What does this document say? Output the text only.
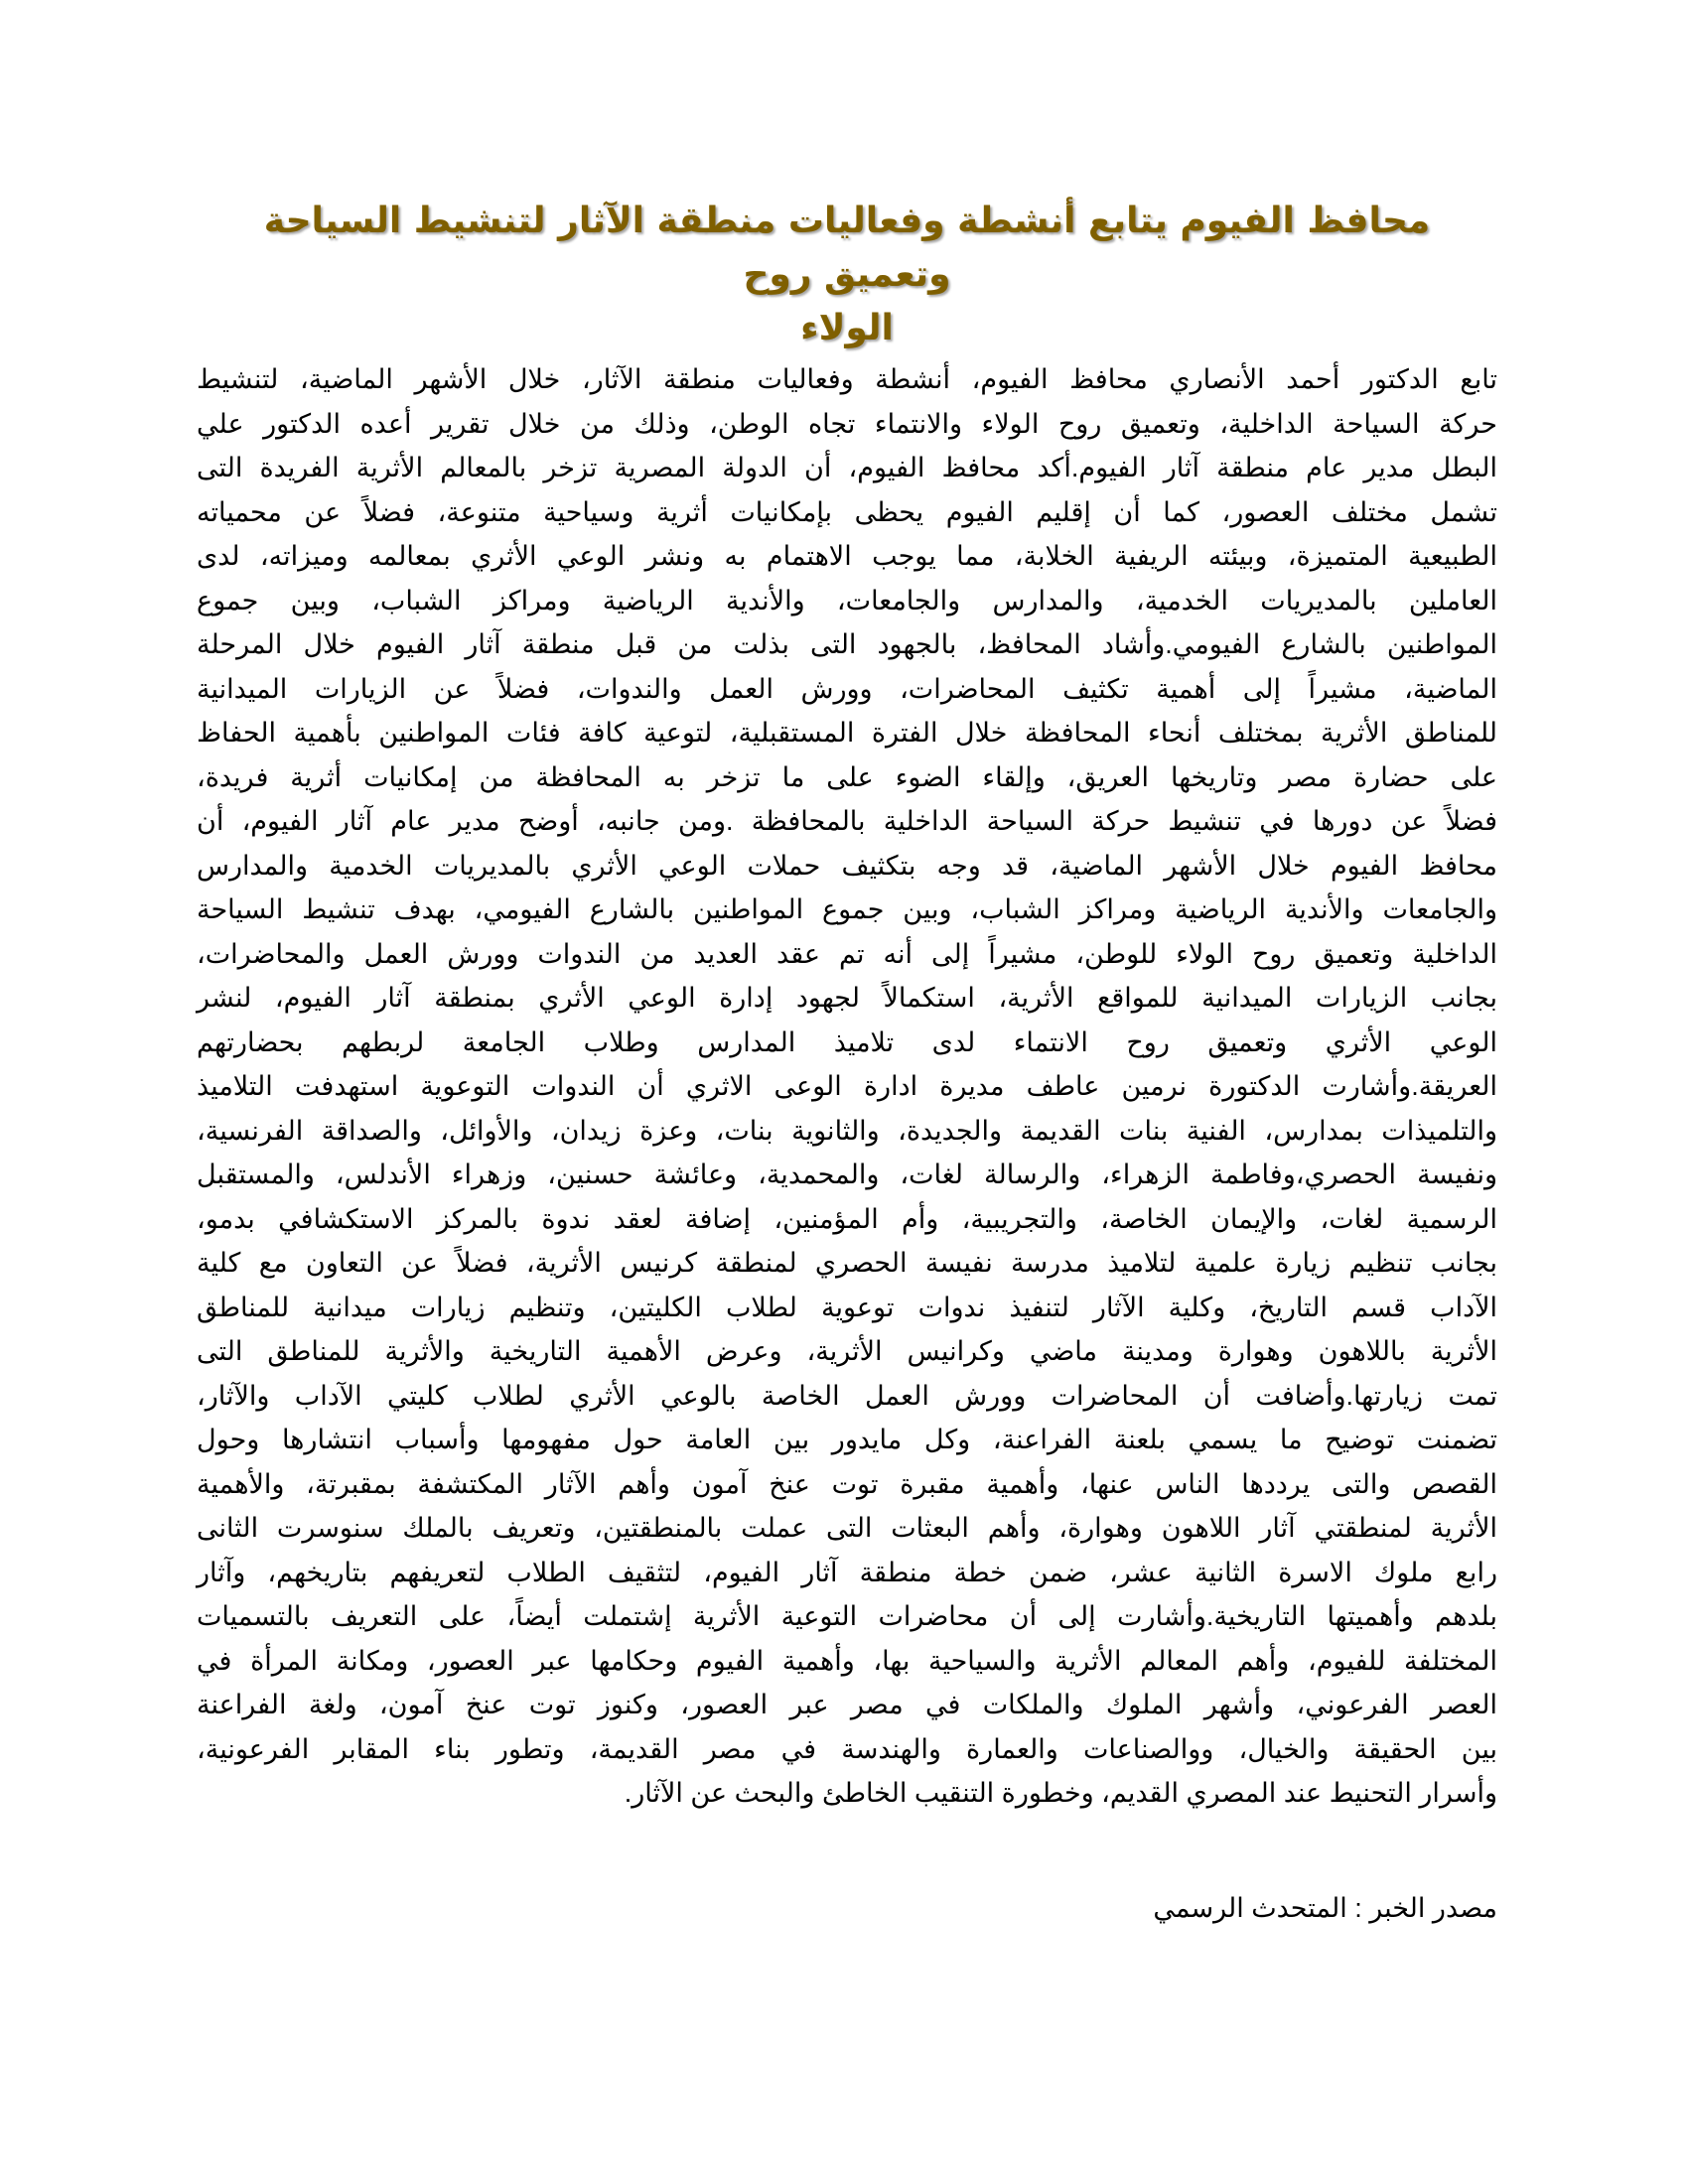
محافظ الفيوم يتابع أنشطة وفعاليات منطقة الآثار لتنشيط السياحة وتعميق روح
الولاء
تابع الدكتور أحمد الأنصاري محافظ الفيوم، أنشطة وفعاليات منطقة الآثار، خلال الأشهر الماضية، لتنشيط
حركة السياحة الداخلية، وتعميق روح الولاء والانتماء تجاه الوطن، وذلك من خلال تقرير أعده الدكتور علي
البطل مدير عام منطقة آثار الفيوم.أكد محافظ الفيوم، أن الدولة المصرية تزخر بالمعالم الأثرية الفريدة التى
تشمل مختلف العصور، كما أن إقليم الفيوم يحظى بإمكانيات أثرية وسياحية متنوعة، فضلاً عن محمياته
الطبيعية المتميزة، وبيئته الريفية الخلابة، مما يوجب الاهتمام به ونشر الوعي الأثري بمعالمه وميزاته، لدى
العاملين بالمديريات الخدمية، والمدارس والجامعات، والأندية الرياضية ومراكز الشباب، وبين جموع
المواطنين بالشارع الفيومي.وأشاد المحافظ، بالجهود التى بذلت من قبل منطقة آثار الفيوم خلال المرحلة
الماضية، مشيراً إلى أهمية تكثيف المحاضرات، وورش العمل والندوات، فضلاً عن الزيارات الميدانية
للمناطق الأثرية بمختلف أنحاء المحافظة خلال الفترة المستقبلية، لتوعية كافة فئات المواطنين بأهمية الحفاظ
على حضارة مصر وتاريخها العريق، وإلقاء الضوء على ما تزخر به المحافظة من إمكانيات أثرية فريدة،
فضلاً عن دورها في تنشيط حركة السياحة الداخلية بالمحافظة .ومن جانبه، أوضح مدير عام آثار الفيوم، أن
محافظ الفيوم خلال الأشهر الماضية، قد وجه بتكثيف حملات الوعي الأثري بالمديريات الخدمية والمدارس
والجامعات والأندية الرياضية ومراكز الشباب، وبين جموع المواطنين بالشارع الفيومي، بهدف تنشيط السياحة
الداخلية وتعميق روح الولاء للوطن، مشيراً إلى أنه تم عقد العديد من الندوات وورش العمل والمحاضرات،
بجانب الزيارات الميدانية للمواقع الأثرية، استكمالاً لجهود إدارة الوعي الأثري بمنطقة آثار الفيوم، لنشر
الوعي الأثري وتعميق روح الانتماء لدى تلاميذ المدارس وطلاب الجامعة لربطهم بحضارتهم
العريقة.وأشارت الدكتورة نرمين عاطف مديرة ادارة الوعى الاثري أن الندوات التوعوية استهدفت التلاميذ
والتلميذات بمدارس، الفنية بنات القديمة والجديدة، والثانوية بنات، وعزة زيدان، والأوائل، والصداقة الفرنسية،
ونفيسة الحصري،وفاطمة الزهراء، والرسالة لغات، والمحمدية، وعائشة حسنين، وزهراء الأندلس، والمستقبل
الرسمية لغات، والإيمان الخاصة، والتجريبية، وأم المؤمنين، إضافة لعقد ندوة بالمركز الاستكشافي بدمو،
بجانب تنظيم زيارة علمية لتلاميذ مدرسة نفيسة الحصري لمنطقة كرنيس الأثرية، فضلاً عن التعاون مع كلية
الآداب قسم التاريخ، وكلية الآثار لتنفيذ ندوات توعوية لطلاب الكليتين، وتنظيم زيارات ميدانية للمناطق
الأثرية باللاهون وهوارة ومدينة ماضي وكرانيس الأثرية، وعرض الأهمية التاريخية والأثرية للمناطق التى
تمت زيارتها.وأضافت أن المحاضرات وورش العمل الخاصة بالوعي الأثري لطلاب كليتي الآداب والآثار،
تضمنت توضيح ما يسمي بلعنة الفراعنة، وكل مايدور بين العامة حول مفهومها وأسباب انتشارها وحول
القصص والتى يرددها الناس عنها، وأهمية مقبرة توت عنخ آمون وأهم الآثار المكتشفة بمقبرتة، والأهمية
الأثرية لمنطقتي آثار اللاهون وهوارة، وأهم البعثات التى عملت بالمنطقتين، وتعريف بالملك سنوسرت الثانى
رابع ملوك الاسرة الثانية عشر، ضمن خطة منطقة آثار الفيوم، لتثقيف الطلاب لتعريفهم بتاريخهم، وآثار
بلدهم وأهميتها التاريخية.وأشارت إلى أن محاضرات التوعية الأثرية إشتملت أيضاً، على التعريف بالتسميات
المختلفة للفيوم، وأهم المعالم الأثرية والسياحية بها، وأهمية الفيوم وحكامها عبر العصور، ومكانة المرأة في
العصر الفرعوني، وأشهر الملوك والملكات في مصر عبر العصور، وكنوز توت عنخ آمون، ولغة الفراعنة
بين الحقيقة والخيال، ووالصناعات والعمارة والهندسة في مصر القديمة، وتطور بناء المقابر الفرعونية،
وأسرار التحنيط عند المصري القديم، وخطورة التنقيب الخاطئ والبحث عن الآثار.

مصدر الخبر : المتحدث الرسمي
